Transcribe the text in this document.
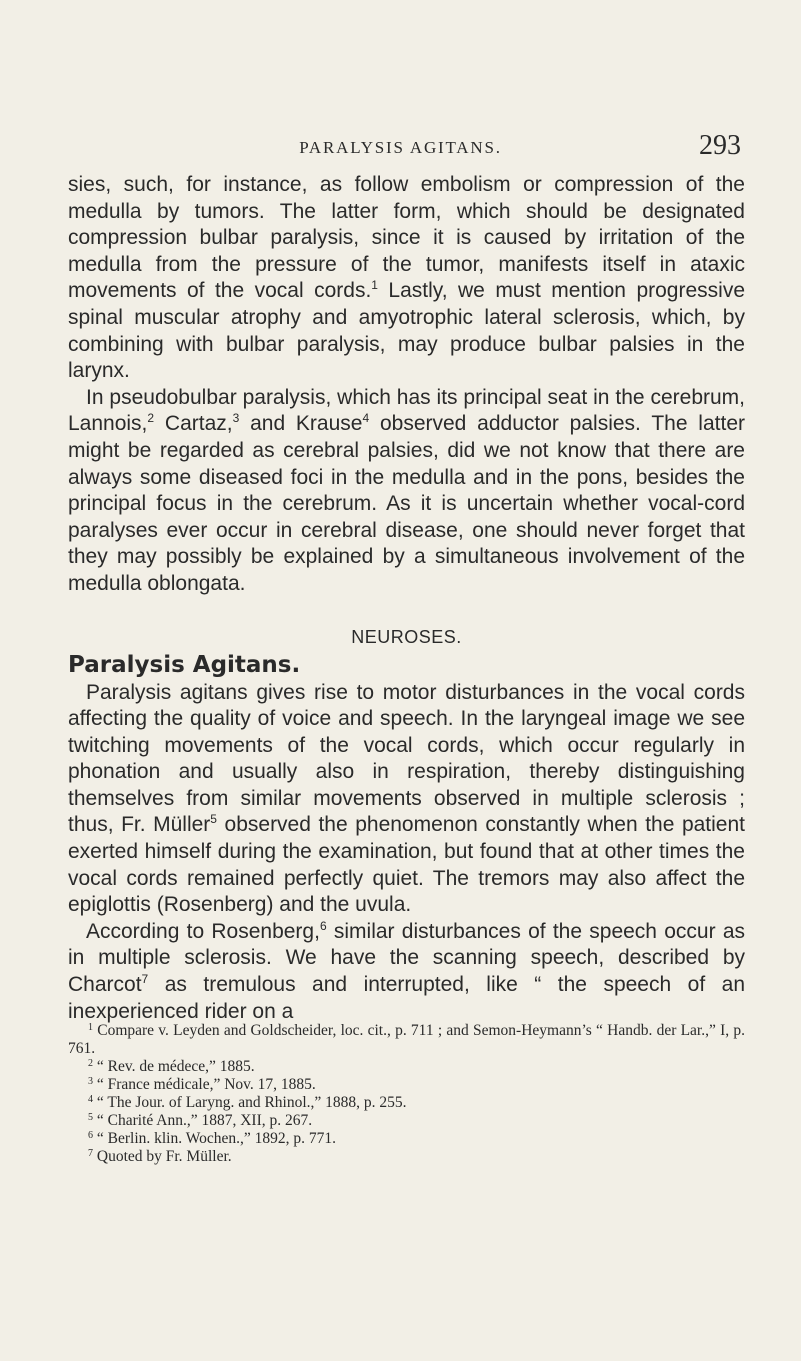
PARALYSIS AGITANS.	293

sies, such, for instance, as follow embolism or compression of the medulla by tumors. The latter form, which should be designated compression bulbar paralysis, since it is caused by irritation of the medulla from the pressure of the tumor, manifests itself in ataxic movements of the vocal cords.$^1$ Lastly, we must mention progressive spinal muscular atrophy and amyotrophic lateral sclerosis, which, by combining with bulbar paralysis, may produce bulbar palsies in the larynx.

In pseudobulbar paralysis, which has its principal seat in the cerebrum, Lannois,$^2$ Cartaz,$^3$ and Krause$^4$ observed adductor palsies. The latter might be regarded as cerebral palsies, did we not know that there are always some diseased foci in the medulla and in the pons, besides the principal focus in the cerebrum. As it is uncertain whether vocal-cord paralyses ever occur in cerebral disease, one should never forget that they may possibly be explained by a simultaneous involvement of the medulla oblongata.

NEUROSES.
Paralysis Agitans.

Paralysis agitans gives rise to motor disturbances in the vocal cords affecting the quality of voice and speech. In the laryngeal image we see twitching movements of the vocal cords, which occur regularly in phonation and usually also in respiration, thereby distinguishing themselves from similar movements observed in multiple sclerosis ; thus, Fr. Müller$^5$ observed the phenomenon constantly when the patient exerted himself during the examination, but found that at other times the vocal cords remained perfectly quiet. The tremors may also affect the epiglottis (Rosenberg) and the uvula.

According to Rosenberg,$^6$ similar disturbances of the speech occur as in multiple sclerosis. We have the scanning speech, described by Charcot$^7$ as tremulous and interrupted, like “ the speech of an inexperienced rider on a

$^1$ Compare v. Leyden and Goldscheider, loc. cit., p. 711 ; and Semon-Heymann’s “ Handb. der Lar.,” I, p. 761.

$^2$ “ Rev. de médece,” 1885.

$^3$ “ France médicale,” Nov. 17, 1885.

$^4$ “ The Jour. of Laryng. and Rhinol.,” 1888, p. 255.

$^5$ “ Charité Ann.,” 1887, XII, p. 267.

$^6$ “ Berlin. klin. Wochen.,” 1892, p. 771.

$^7$ Quoted by Fr. Müller.
